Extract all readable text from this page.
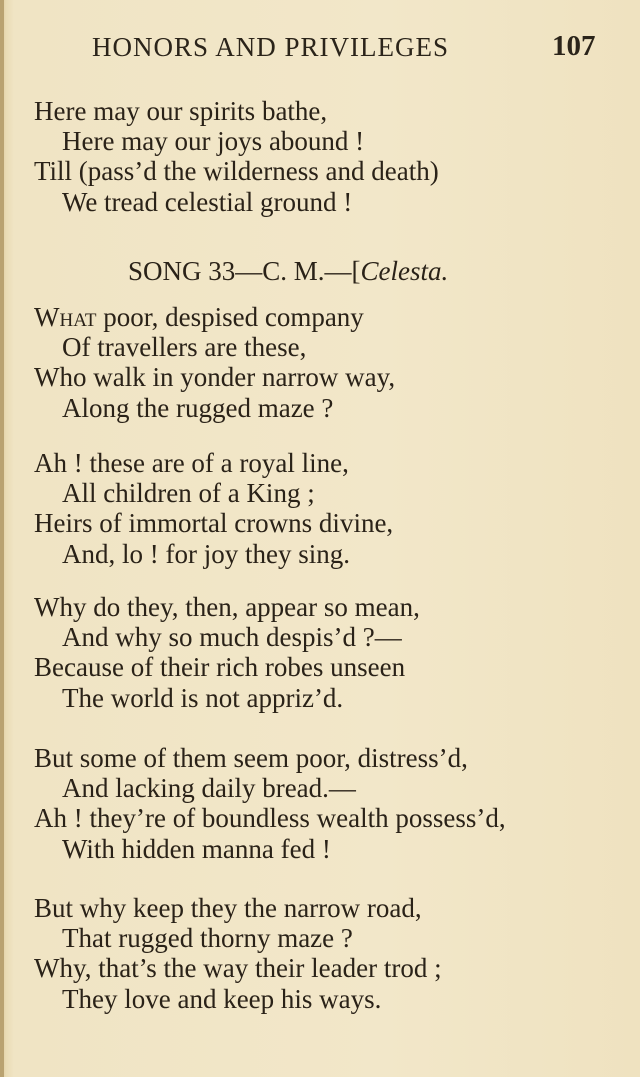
HONORS AND PRIVILEGES	107
Here may our spirits bathe,
Here may our joys abound !
Till (pass’d the wilderness and death)
We tread celestial ground !
SONG 33—C. M.—[Celesta.
What poor, despised company
Of travellers are these,
Who walk in yonder narrow way,
Along the rugged maze ?
Ah ! these are of a royal line,
All children of a King ;
Heirs of immortal crowns divine,
And, lo ! for joy they sing.
Why do they, then, appear so mean,
And why so much despis’d ?—
Because of their rich robes unseen
The world is not appriz’d.
But some of them seem poor, distress’d,
And lacking daily bread.—
Ah ! they’re of boundless wealth possess’d,
With hidden manna fed !
But why keep they the narrow road,
That rugged thorny maze ?
Why, that’s the way their leader trod ;
They love and keep his ways.
